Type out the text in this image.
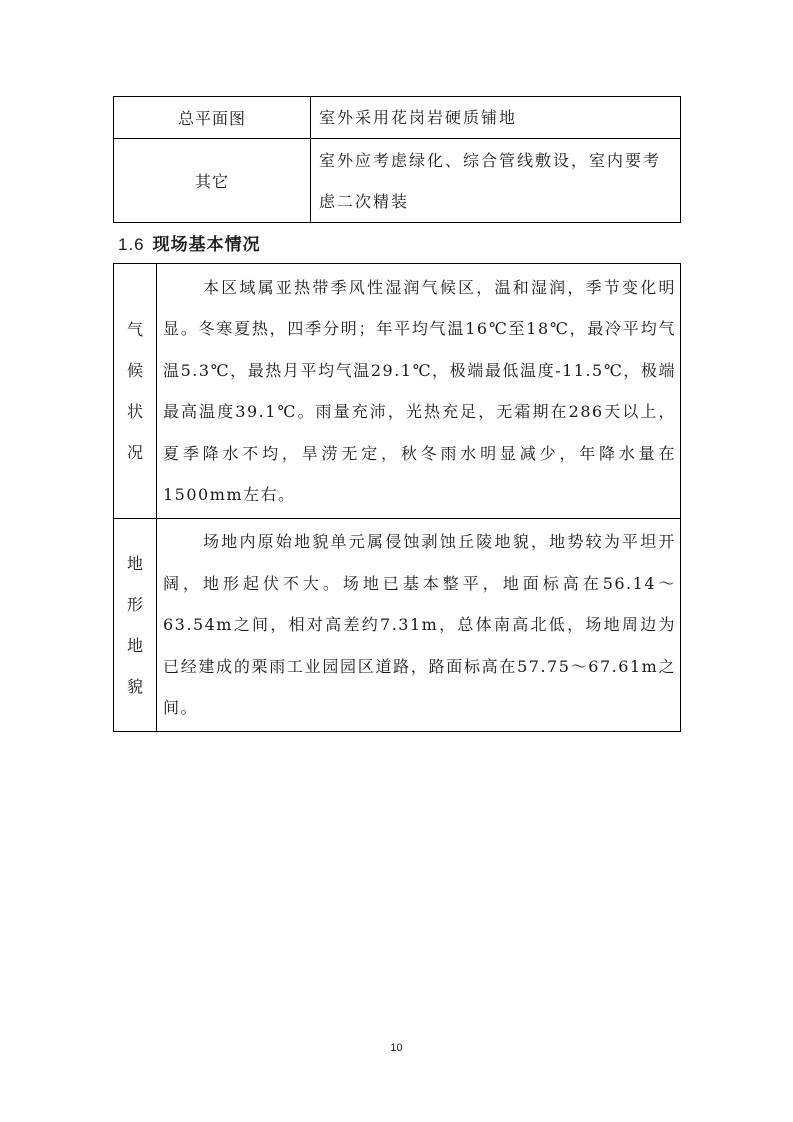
总平面图	室外采用花岗岩硬质铺地
其它	室外应考虑绿化、综合管线敷设，室内要考虑二次精装
1.6 现场基本情况
气
候
状
况	本区域属亚热带季风性湿润气候区，温和湿润，季节变化明显。冬寒夏热，四季分明；年平均气温16℃至18℃，最冷平均气温5.3℃，最热月平均气温29.1℃，极端最低温度-11.5℃，极端最高温度39.1℃。雨量充沛，光热充足，无霜期在286天以上，夏季降水不均，旱涝无定，秋冬雨水明显减少，年降水量在1500mm左右。

地
形
地
貌	场地内原始地貌单元属侵蚀剥蚀丘陵地貌，地势较为平坦开阔，地形起伏不大。场地已基本整平，地面标高在56.14～63.54m之间，相对高差约7.31m，总体南高北低，场地周边为已经建成的栗雨工业园园区道路，路面标高在57.75～67.61m之间。
10
